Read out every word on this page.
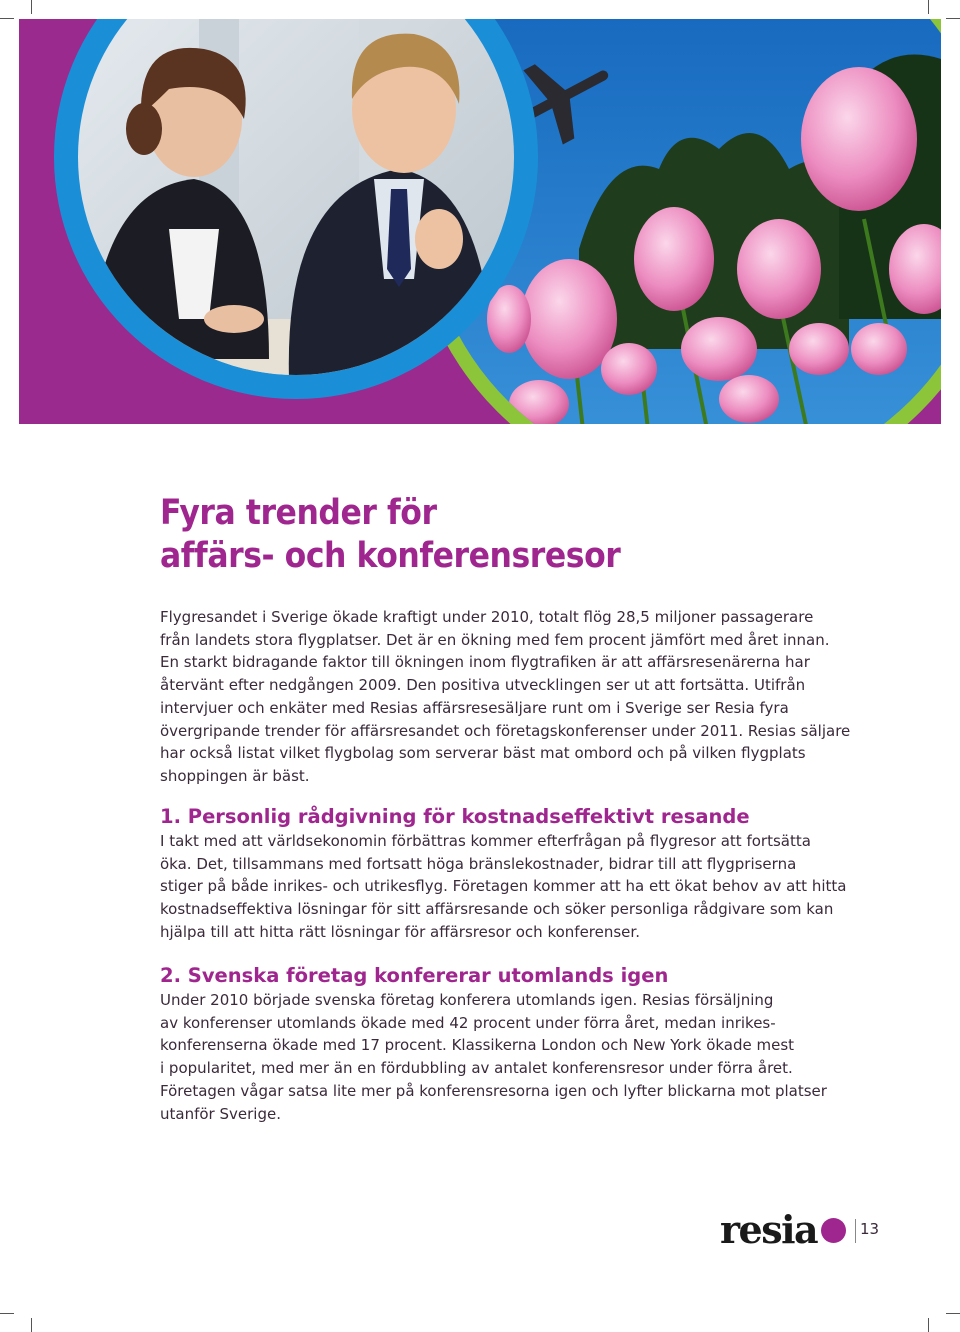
Fyra trender för
affärs- och konferensresor

Flygresandet i Sverige ökade kraftigt under 2010, totalt flög 28,5 miljoner passagerare
från landets stora flygplatser. Det är en ökning med fem procent jämfört med året innan.
En starkt bidragande faktor till ökningen inom flygtrafiken är att affärsresenärerna har
återvänt efter nedgången 2009. Den positiva utvecklingen ser ut att fortsätta. Utifrån
intervjuer och enkäter med Resias affärsresesäljare runt om i Sverige ser Resia fyra
övergripande trender för affärsresandet och företagskonferenser under 2011. Resias säljare
har också listat vilket flygbolag som serverar bäst mat ombord och på vilken flygplats
shoppingen är bäst.

1. Personlig rådgivning för kostnadseffektivt resande

I takt med att världsekonomin förbättras kommer efterfrågan på flygresor att fortsätta
öka. Det, tillsammans med fortsatt höga bränslekostnader, bidrar till att flygpriserna
stiger på både inrikes- och utrikesflyg. Företagen kommer att ha ett ökat behov av att hitta
kostnadseffektiva lösningar för sitt affärsresande och söker personliga rådgivare som kan
hjälpa till att hitta rätt lösningar för affärsresor och konferenser.

2. Svenska företag konfererar utomlands igen

Under 2010 började svenska företag konferera utomlands igen. Resias försäljning
av konferenser utomlands ökade med 42 procent under förra året, medan inrikes-
konferenserna ökade med 17 procent. Klassikerna London och New York ökade mest
i popularitet, med mer än en fördubbling av antalet konferensresor under förra året.
Företagen vågar satsa lite mer på konferensresorna igen och lyfter blickarna mot platser
utanför Sverige.

resia	13
